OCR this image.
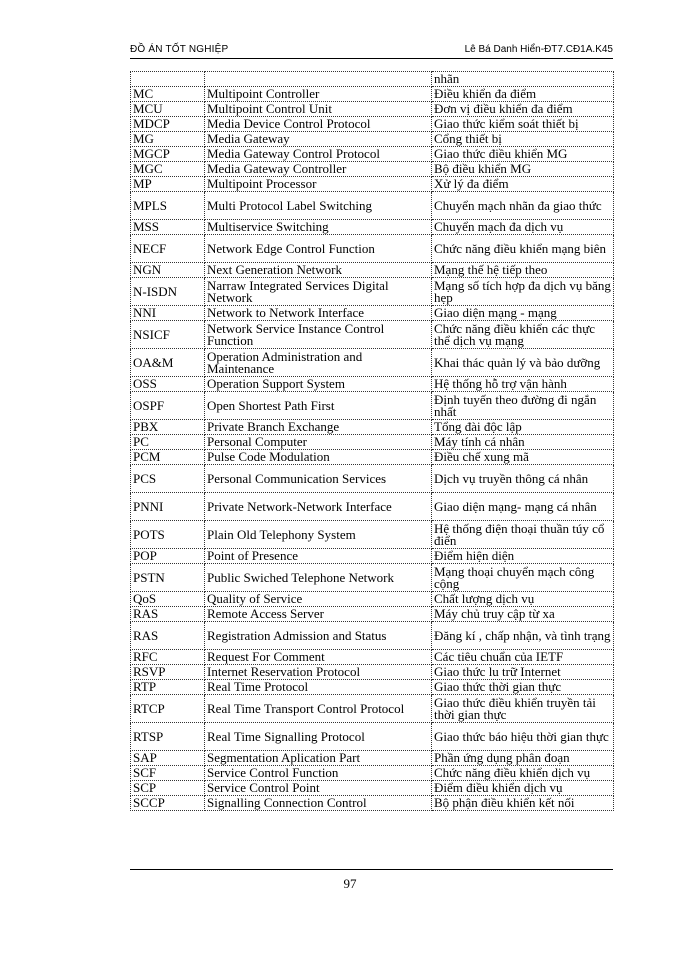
ĐỒ ÁN TỐT NGHIỆP	Lê Bá Danh Hiển-ĐT7.CĐ1A.K45
		nhãn
MC	Multipoint Controller	Điều khiển đa điểm
MCU	Multipoint Control Unit	Đơn vị điều khiển đa điểm
MDCP	Media Device Control Protocol	Giao thức kiểm soát thiết bị
MG	Media Gateway	Cổng thiết bị
MGCP	Media Gateway Control Protocol	Giao thức điều khiển MG
MGC	Media Gateway Controller	Bộ điều khiển MG
MP	Multipoint Processor	Xử lý đa điểm
MPLS	Multi Protocol Label Switching	Chuyển mạch nhãn đa giao thức
MSS	Multiservice Switching	Chuyển mạch đa dịch vụ
NECF	Network Edge Control Function	Chức năng điều khiển mạng biên
NGN	Next Generation Network	Mạng thế hệ tiếp theo
N-ISDN	Narraw Integrated Services Digital Network	Mạng số tích hợp đa dịch vụ băng hẹp
NNI	Network to Network Interface	Giao diện mạng - mạng
NSICF	Network Service Instance Control Function	Chức năng điều khiển các thực thể dịch vụ mạng
OA&M	Operation Administration and Maintenance	Khai thác quản lý và bảo dưỡng
OSS	Operation Support System	Hệ thống hỗ trợ vận hành
OSPF	Open Shortest Path First	Định tuyến theo đường đi ngắn nhất
PBX	Private Branch Exchange	Tổng đài độc lập
PC	Personal Computer	Máy tính cá nhân
PCM	Pulse Code Modulation	Điều chế xung mã
PCS	Personal Communication Services	Dịch vụ truyền thông cá nhân
PNNI	Private Network-Network Interface	Giao diện mạng- mạng cá nhân
POTS	Plain Old Telephony System	Hệ thống điện thoại thuần túy cổ điển
POP	Point of Presence	Điểm hiện diện
PSTN	Public Swiched Telephone Network	Mạng thoại chuyển mạch công cộng
QoS	Quality of Service	Chất lượng dịch vụ
RAS	Remote Access Server	Máy chủ truy cập từ xa
RAS	Registration Admission and Status	Đăng kí , chấp nhận, và tình trạng
RFC	Request For Comment	Các tiêu chuẩn của IETF
RSVP	Internet Reservation Protocol	Giao thức lu trữ Internet
RTP	Real Time Protocol	Giao thức thời gian thực
RTCP	Real Time Transport Control Protocol	Giao thức điều khiển truyền tải thời gian thực
RTSP	Real Time Signalling Protocol	Giao thức báo hiệu thời gian thực
SAP	Segmentation Aplication Part	Phần ứng dụng phân đoạn
SCF	Service Control Function	Chức năng điều khiển dịch vụ
SCP	Service Control Point	Điểm điều khiển dịch vụ
SCCP	Signalling Connection Control	Bộ phận điều khiển kết nối
97
